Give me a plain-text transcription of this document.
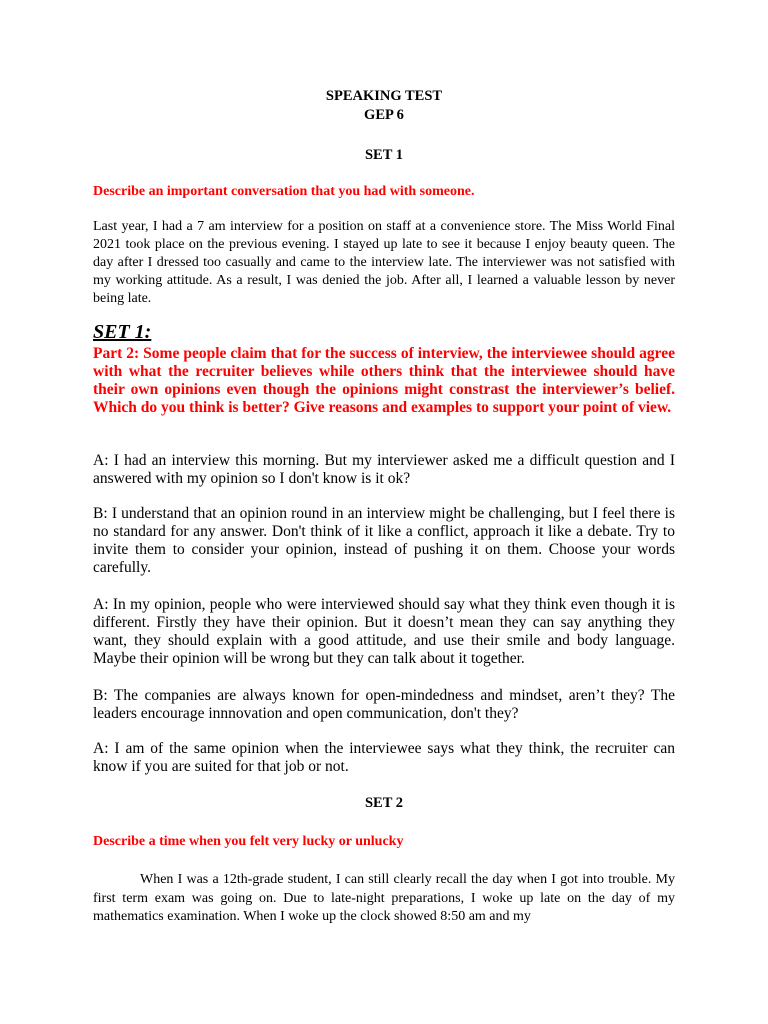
SPEAKING TEST

GEP 6

SET 1

Describe an important conversation that you had with someone.

Last year, I had a 7 am interview for a position on staff at a convenience store. The Miss World Final 2021 took place on the previous evening. I stayed up late to see it because I enjoy beauty queen. The day after I dressed too casually and came to the interview late. The interviewer was not satisfied with my working attitude. As a result, I was denied the job. After all, I learned a valuable lesson by never being late.

SET 1:

Part 2: Some people claim that for the success of interview, the interviewee should agree with what the recruiter believes while others think that the interviewee should have their own opinions even though the opinions might constrast the interviewer’s belief. Which do you think is better? Give reasons and examples to support your point of view.

A: I had an interview this morning. But my interviewer asked me a difficult question and I answered with my opinion so I don't know is it ok?

B: I understand that an opinion round in an interview might be challenging, but I feel there is no standard for any answer. Don't think of it like a conflict, approach it like a debate. Try to invite them to consider your opinion, instead of pushing it on them. Choose your words carefully.

A: In my opinion, people who were interviewed should say what they think even though it is different. Firstly they have their opinion. But it doesn’t mean they can say anything they want, they should explain with a good attitude, and use their smile and body language. Maybe their opinion will be wrong but they can talk about it together.

B: The companies are always known for open-mindedness and mindset, aren’t they? The leaders encourage innnovation and open communication, don't they?

A: I am of the same opinion when the interviewee says what they think, the recruiter can know if you are suited for that job or not.

SET 2

Describe a time when you felt very lucky or unlucky

When I was a 12th-grade student, I can still clearly recall the day when I got into trouble. My first term exam was going on. Due to late-night preparations, I woke up late on the day of my mathematics examination. When I woke up the clock showed 8:50 am and my
